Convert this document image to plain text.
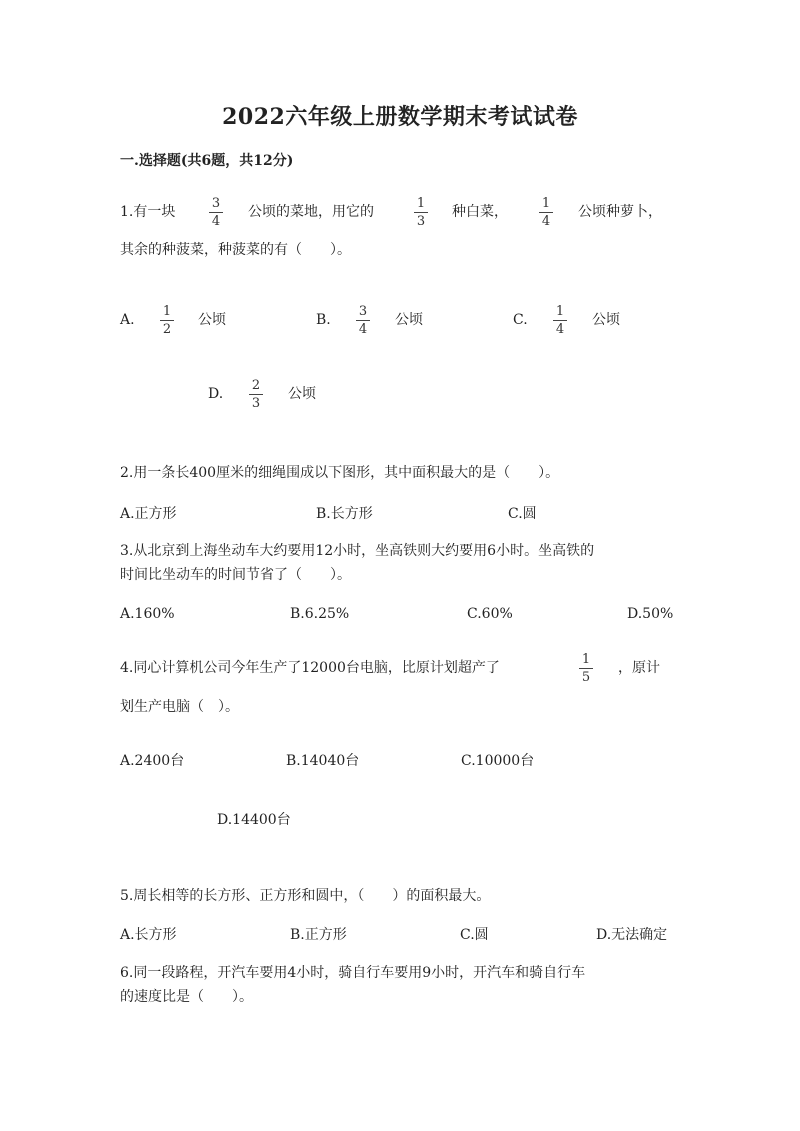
2022六年级上册数学期末考试试卷
一.选择题(共6题，共12分)
1.有一块
3
4
公顷的菜地，用它的
1
3
种白菜，
1
4
公顷种萝卜，
其余的种菠菜，种菠菜的有（　　）。
A.
1
2
公顷	B.
3
4
公顷	C.
1
4
公顷
D.
2
3
公顷
2.用一条长400厘米的细绳围成以下图形，其中面积最大的是（　　）。
A.正方形	B.长方形	C.圆
3.从北京到上海坐动车大约要用12小时，坐高铁则大约要用6小时。坐高铁的
时间比坐动车的时间节省了（　　）。
A.160%	B.6.25%	C.60%	D.50%
4.同心计算机公司今年生产了12000台电脑，比原计划超产了
1
5
，原计
划生产电脑（　）。
A.2400台	B.14040台	C.10000台
D.14400台
5.周长相等的长方形、正方形和圆中，（　　）的面积最大。
A.长方形	B.正方形	C.圆	D.无法确定
6.同一段路程，开汽车要用4小时，骑自行车要用9小时，开汽车和骑自行车
的速度比是（　　）。
